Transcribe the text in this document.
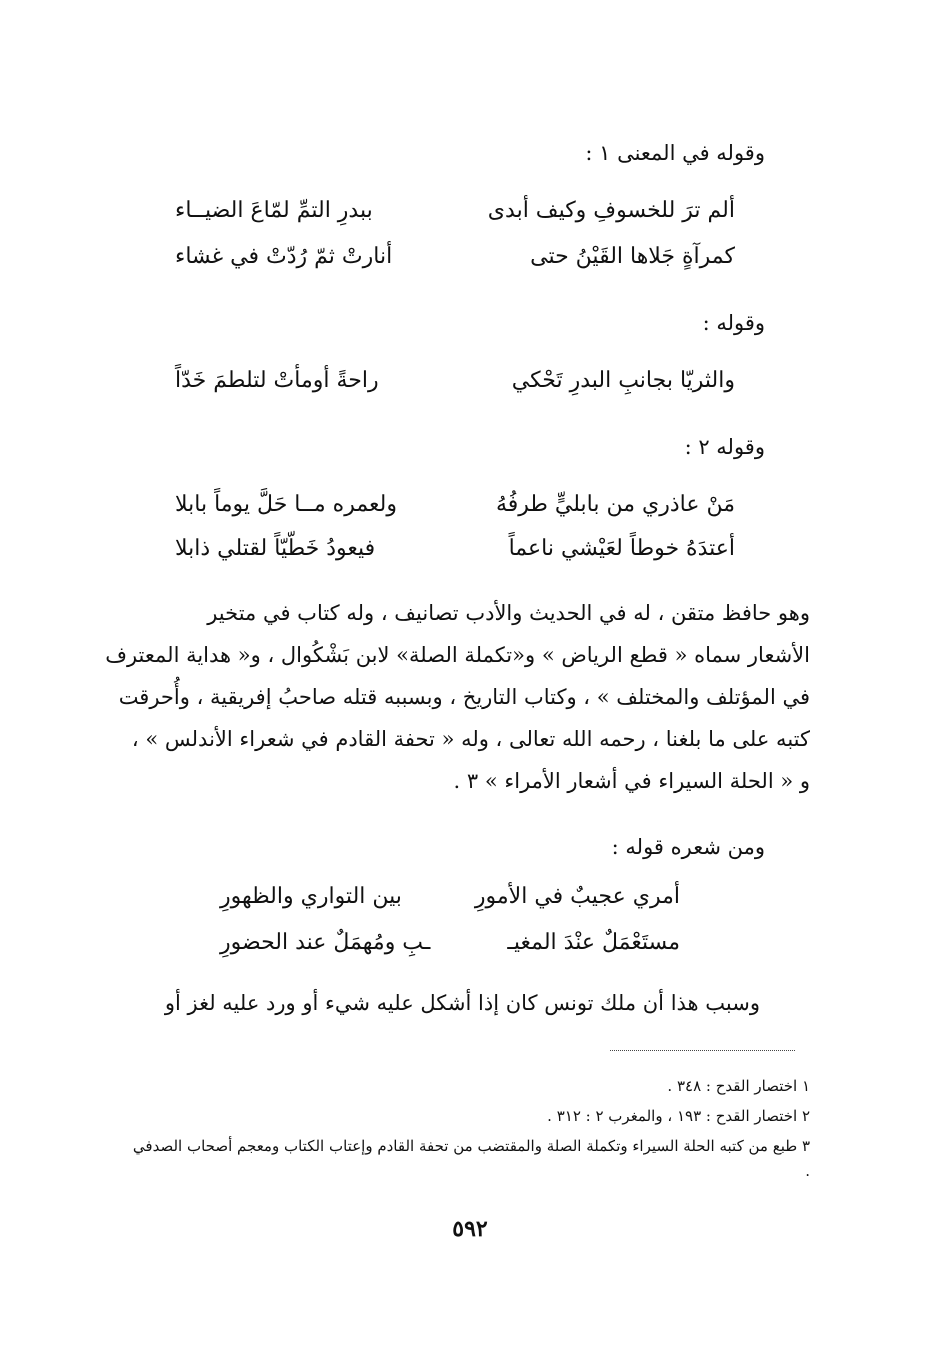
وقوله في المعنى ١ :
ألم ترَ للخسوفِ وكيف أبدى
ببدرِ التمِّ لمّاعَ الضيــاء
كمرآةٍ جَلاها القَيْنُ حتى
أنارتْ ثمّ رُدّتْ في غشاء
وقوله :
والثريّا بجانبِ البدرِ تَحْكي
راحةً أومأتْ لتلطمَ خَدّاً
وقوله ٢ :
مَنْ عاذري من بابليٍّ طرفُهُ
ولعمره مــا حَلَّ يوماً بابلا
أعتدَهُ خوطاً لعَيْشي ناعماً
فيعودُ خَطّيّاً لقتلي ذابلا

وهو حافظ متقن ، له في الحديث والأدب تصانيف ، وله كتاب في متخير
الأشعار سماه « قطع الرياض » و«تكملة الصلة» لابن بَشْكُوال ، و« هداية المعترف
في المؤتلف والمختلف » ، وكتاب التاريخ ، وبسببه قتله صاحبُ إفريقية ، وأُحرقت
كتبه على ما بلغنا ، رحمه الله تعالى ، وله « تحفة القادم في شعراء الأندلس » ،
و « الحلة السيراء في أشعار الأمراء » ٣ .

ومن شعره قوله :
أمري عجيبٌ في الأمورِ
بين التواري والظهورِ
مستَعْمَلٌ عنْدَ المغيـ
ـبِ ومُهمَلٌ عند الحضورِ
وسبب هذا أن ملك تونس كان إذا أشكل عليه شيء أو ورد عليه لغز أو
١ اختصار القدح : ٣٤٨ .
٢ اختصار القدح : ١٩٣ ، والمغرب ٢ : ٣١٢ .
٣ طبع من كتبه الحلة السيراء وتكملة الصلة والمقتضب من تحفة القادم وإعتاب الكتاب ومعجم أصحاب الصدفي .
٥٩٢
